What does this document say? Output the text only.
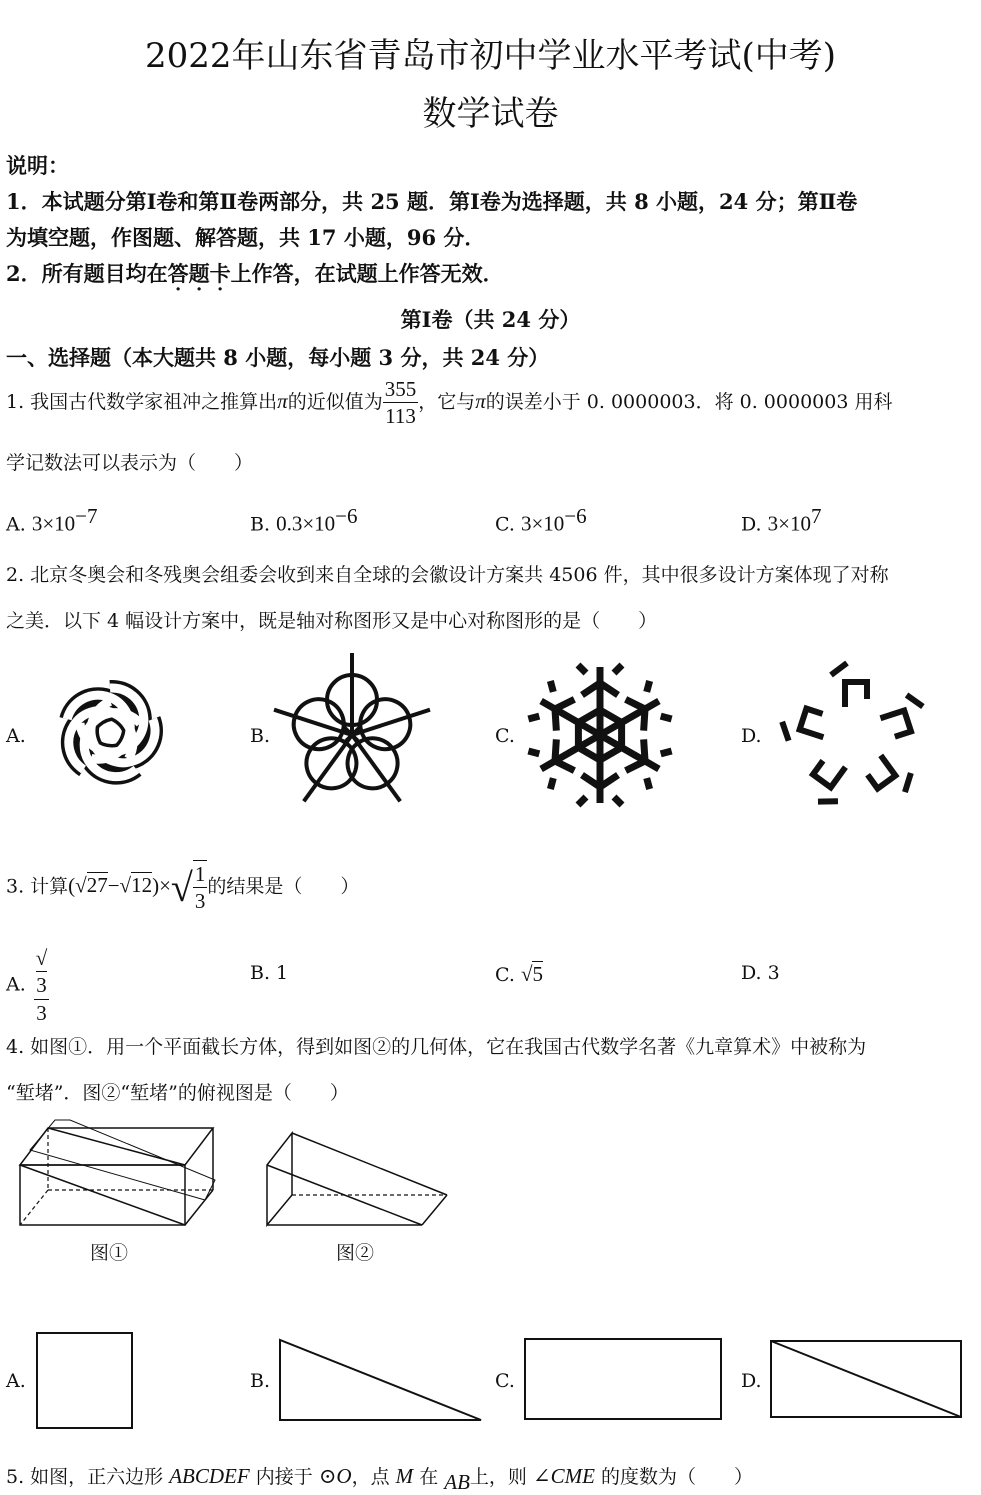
2022年山东省青岛市初中学业水平考试(中考)
数学试卷
说明：
1．本试题分第Ⅰ卷和第Ⅱ卷两部分，共 25 题．第Ⅰ卷为选择题，共 8 小题，24 分；第Ⅱ卷
为填空题，作图题、解答题，共 17 小题，96 分．
2．所有题目均在答题卡上作答，在试题上作答无效．
第Ⅰ卷（共 24 分）
一、选择题（本大题共 8 小题，每小题 3 分，共 24 分）
1. 我国古代数学家祖冲之推算出π的近似值为 $\frac{355}{113}$ ，它与π的误差小于 0. 0000003．将 0. 0000003 用科
学记数法可以表示为（　　）
A. $3\times 10^{-7}$	B. $0.3\times 10^{-6}$	C. $3\times 10^{-6}$	D. $3\times 10^7$
2. 北京冬奥会和冬残奥会组委会收到来自全球的会徽设计方案共 4506 件，其中很多设计方案体现了对称
之美．以下 4 幅设计方案中，既是轴对称图形又是中心对称图形的是（　　）
A.	B.	C.	D.
3. 计算$(√27-√12)\times√ \frac{1}{3}$ 的结果是（　　）
A. √
3
3	B. 1	C. √5	D. 3
4. 如图①．用一个平面截长方体，得到如图②的几何体，它在我国古代数学名著《九章算术》中被称为
“堑堵”．图②“堑堵”的俯视图是（　　）
图①	图②
A.	B.	C.	D.
5. 如图，正六边形 ABCDEF 内接于 ⊙O，点 M 在 AB上，则 ∠CME 的度数为（　　）
